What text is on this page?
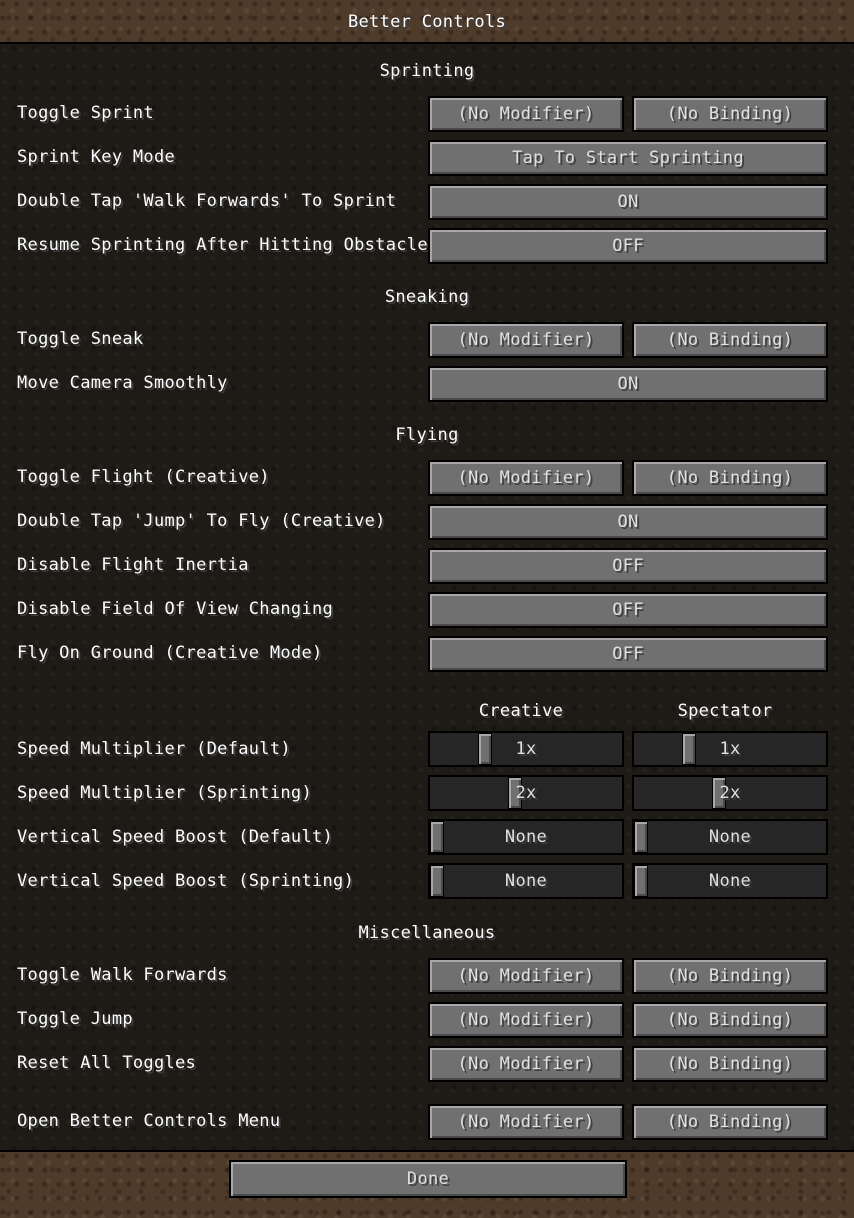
Better Controls
Sprinting
Toggle Sprint	(No Modifier)	(No Binding)
Sprint Key Mode	Tap To Start Sprinting
Double Tap 'Walk Forwards' To Sprint	ON
Resume Sprinting After Hitting Obstacle	OFF
Sneaking
Toggle Sneak	(No Modifier)	(No Binding)
Move Camera Smoothly	ON
Flying
Toggle Flight (Creative)	(No Modifier)	(No Binding)
Double Tap 'Jump' To Fly (Creative)	ON
Disable Flight Inertia	OFF
Disable Field Of View Changing	OFF
Fly On Ground (Creative Mode)	OFF
Creative	Spectator
Speed Multiplier (Default)	1x	1x
Speed Multiplier (Sprinting)	2x	2x
Vertical Speed Boost (Default)	None	None
Vertical Speed Boost (Sprinting)	None	None
Miscellaneous
Toggle Walk Forwards	(No Modifier)	(No Binding)
Toggle Jump	(No Modifier)	(No Binding)
Reset All Toggles	(No Modifier)	(No Binding)
Open Better Controls Menu	(No Modifier)	(No Binding)
Done
